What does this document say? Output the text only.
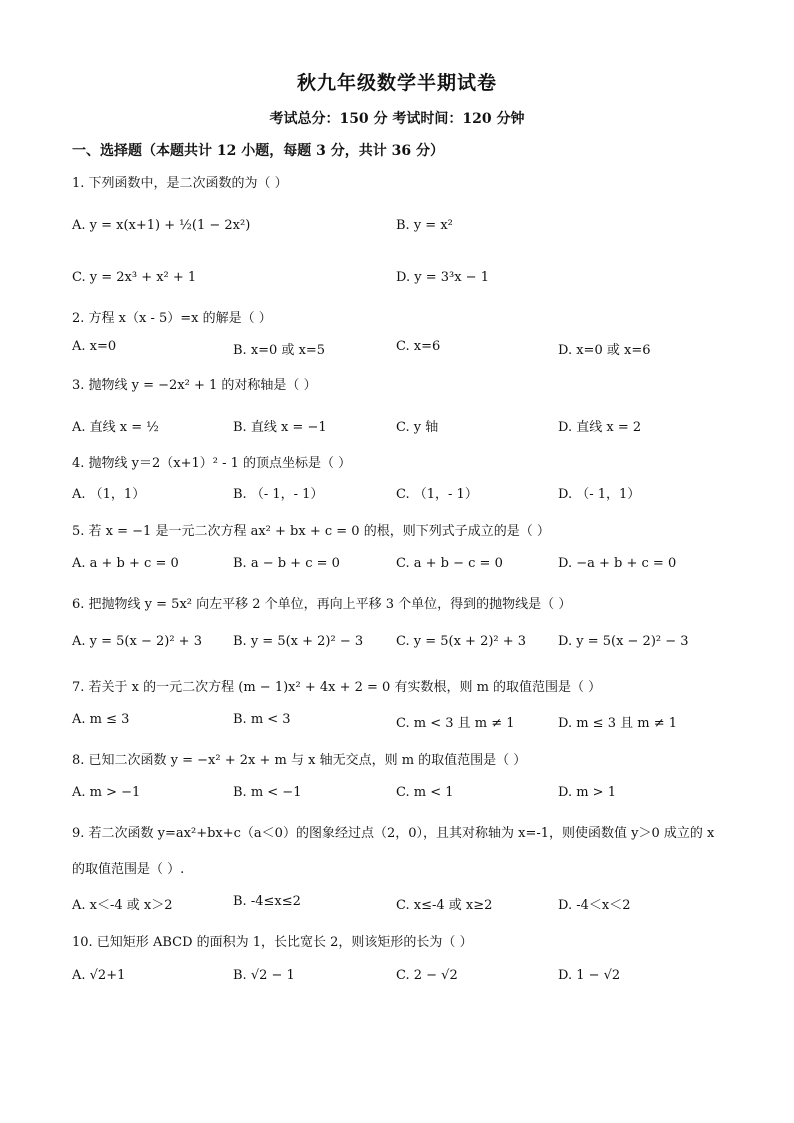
秋九年级数学半期试卷
考试总分：150 分 考试时间：120 分钟
一、选择题（本题共计 12 小题，每题 3 分，共计 36 分）
1. 下列函数中，是二次函数的为（ ）
A. y = x(x+1) + ½(1 − 2x²)	B. y = x²
C. y = 2x³ + x² + 1	D. y = 3³x − 1
2. 方程 x（x - 5）=x 的解是（ ）
A. x=0	B. x=0 或 x=5	C. x=6	D. x=0 或 x=6
3. 抛物线 y = −2x² + 1 的对称轴是（ ）
A. 直线 x = ½	B. 直线 x = −1	C. y 轴	D. 直线 x = 2
4. 抛物线 y＝2（x+1）² - 1 的顶点坐标是（ ）
A. （1，1）	B. （- 1，- 1）	C. （1，- 1）	D. （- 1，1）
5. 若 x = −1 是一元二次方程 ax² + bx + c = 0 的根，则下列式子成立的是（ ）
A. a + b + c = 0	B. a − b + c = 0	C. a + b − c = 0	D. −a + b + c = 0
6. 把抛物线 y = 5x² 向左平移 2 个单位，再向上平移 3 个单位，得到的抛物线是（ ）
A. y = 5(x − 2)² + 3 B. y = 5(x + 2)² − 3	C. y = 5(x + 2)² + 3 D. y = 5(x − 2)² − 3
7. 若关于 x 的一元二次方程 (m − 1)x² + 4x + 2 = 0 有实数根，则 m 的取值范围是（ ）
A. m ≤ 3	B. m < 3	C. m < 3 且 m ≠ 1	D. m ≤ 3 且 m ≠ 1
8. 已知二次函数 y = −x² + 2x + m 与 x 轴无交点，则 m 的取值范围是（ ）
A. m > −1	B. m < −1	C. m < 1	D. m > 1
9. 若二次函数 y=ax²+bx+c（a＜0）的图象经过点（2，0），且其对称轴为 x=-1，则使函数值 y＞0 成立的 x
的取值范围是（ ）.
A. x＜-4 或 x＞2	B. -4≤x≤2	C. x≤-4 或 x≥2	D. -4＜x＜2
10. 已知矩形 ABCD 的面积为 1，长比宽长 2，则该矩形的长为（ ）
A. √2+1	B. √2 − 1	C. 2 − √2	D. 1 − √2
